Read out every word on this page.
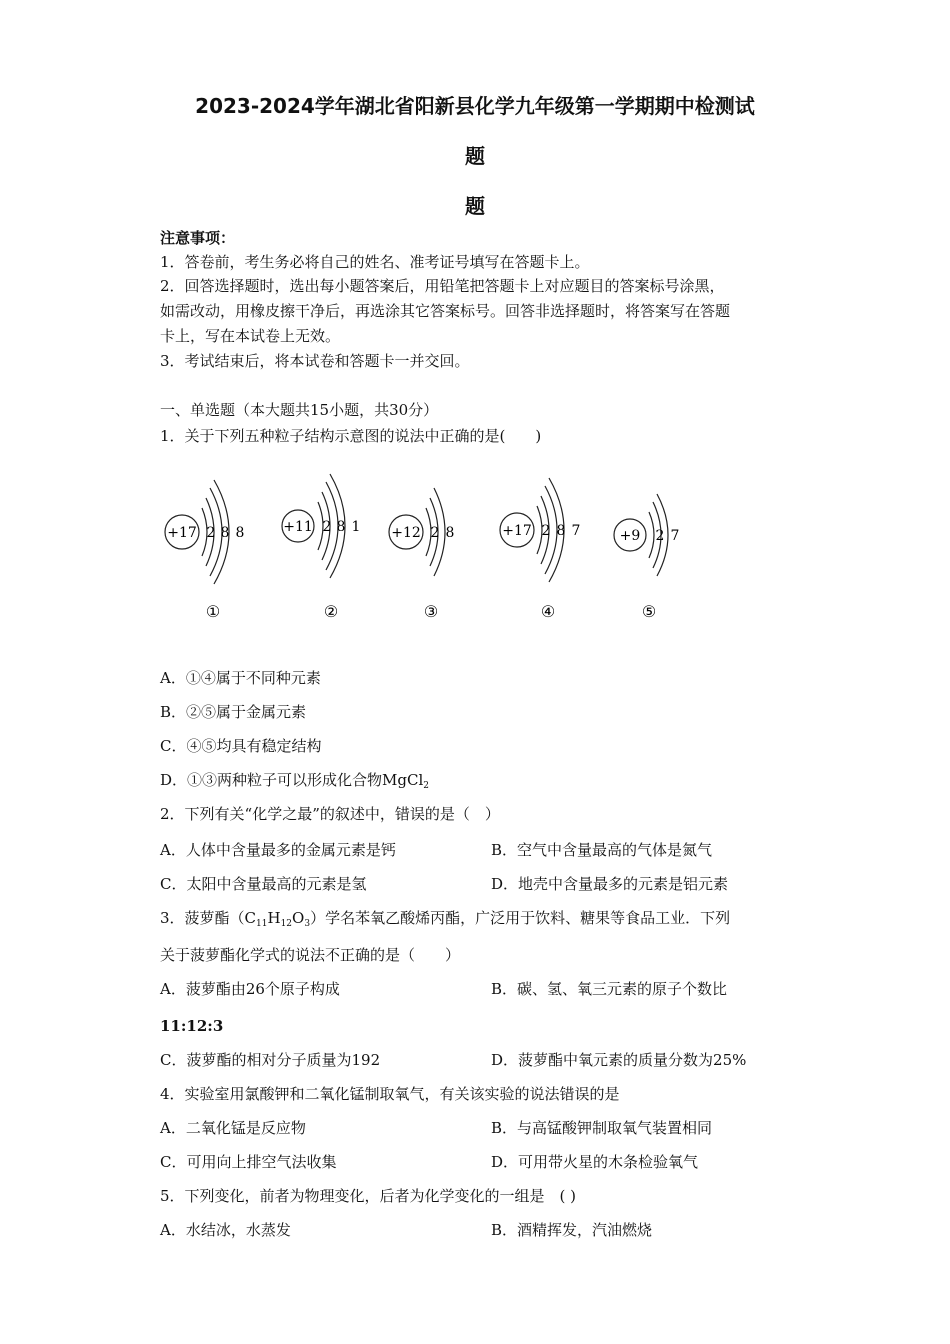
2023-2024学年湖北省阳新县化学九年级第一学期期中检测试
题
题
注意事项：
1．答卷前，考生务必将自己的姓名、准考证号填写在答题卡上。
2．回答选择题时，选出每小题答案后，用铅笔把答题卡上对应题目的答案标号涂黑，
如需改动，用橡皮擦干净后，再选涂其它答案标号。回答非选择题时，将答案写在答题
卡上，写在本试卷上无效。
3．考试结束后，将本试卷和答题卡一并交回。
一、单选题（本大题共15小题，共30分）
1．关于下列五种粒子结构示意图的说法中正确的是(　　)
+17 2 8 8
①
+11 2 8 1
②
+12 2 8
③
+17 2 8 7
④
+9 2 7
⑤
A．①④属于不同种元素
B．②⑤属于金属元素
C．④⑤均具有稳定结构
D．①③两种粒子可以形成化合物MgCl$_2$
2．下列有关“化学之最”的叙述中，错误的是（　）
A．人体中含量最多的金属元素是钙	B．空气中含量最高的气体是氮气
C．太阳中含量最高的元素是氢	D．地壳中含量最多的元素是铝元素
3．菠萝酯$(C_{11}H_{12}O_3)$学名苯氧乙酸烯丙酯，广泛用于饮料、糖果等食品工业．下列
关于菠萝酯化学式的说法不正确的是（　　）
A．菠萝酯由26个原子构成	B．碳、氢、氧三元素的原子个数比
11:12:3
C．菠萝酯的相对分子质量为192	D．菠萝酯中氧元素的质量分数为25%
4．实验室用氯酸钾和二氧化锰制取氧气，有关该实验的说法错误的是
A．二氧化锰是反应物	B．与高锰酸钾制取氧气装置相同
C．可用向上排空气法收集	D．可用带火星的木条检验氧气
5．下列变化，前者为物理变化，后者为化学变化的一组是　( )
A．水结冰，水蒸发	B．酒精挥发，汽油燃烧
